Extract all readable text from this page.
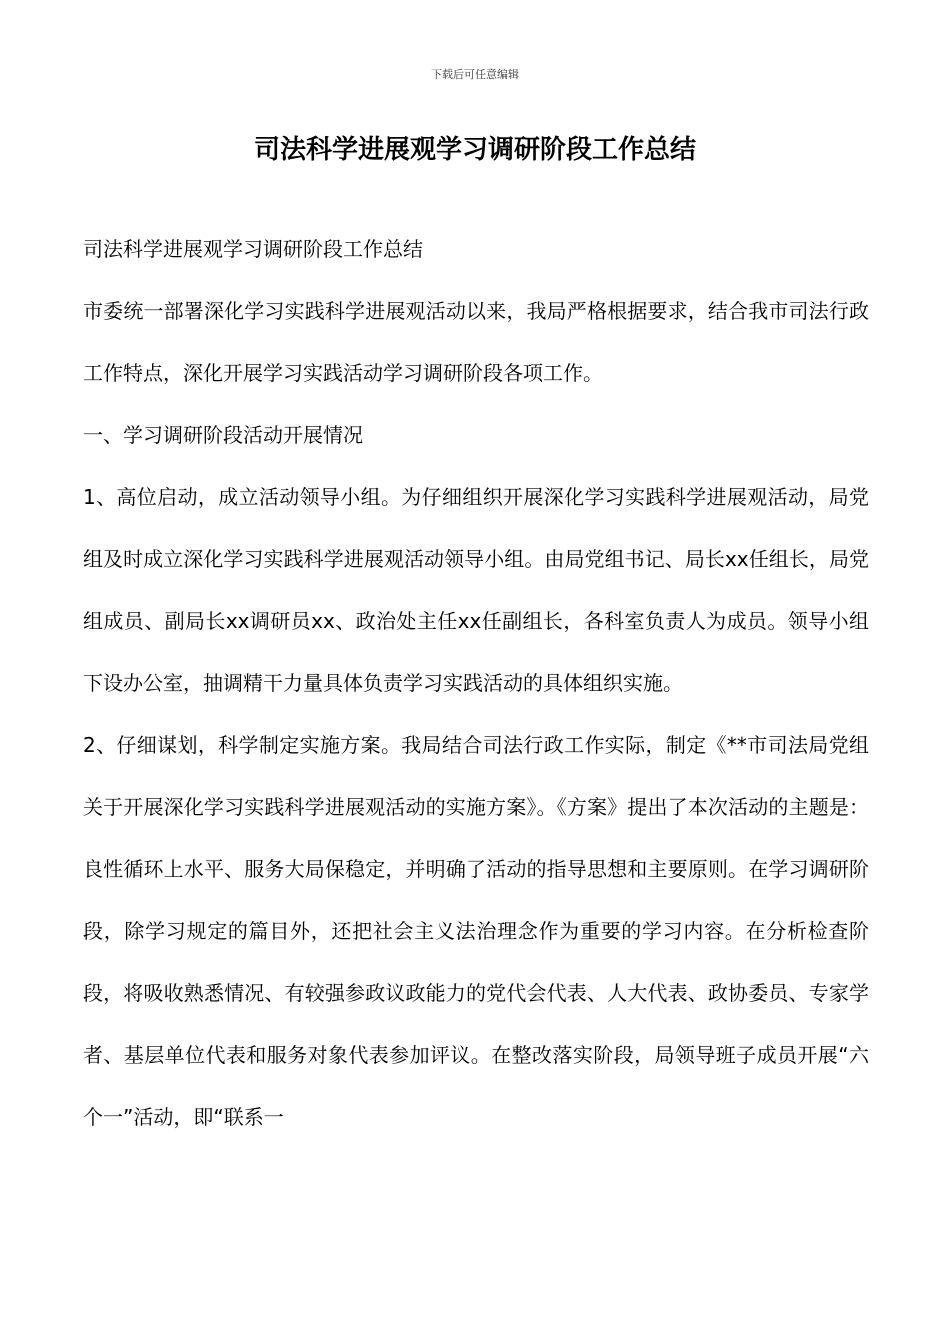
下载后可任意编辑
司法科学进展观学习调研阶段工作总结

司法科学进展观学习调研阶段工作总结

市委统一部署深化学习实践科学进展观活动以来，我局严格根据要求，结合我市司法行政工作特点，深化开展学习实践活动学习调研阶段各项工作。

一、学习调研阶段活动开展情况

1、高位启动，成立活动领导小组。为仔细组织开展深化学习实践科学进展观活动，局党组及时成立深化学习实践科学进展观活动领导小组。由局党组书记、局长xx任组长，局党组成员、副局长xx调研员xx、政治处主任xx任副组长，各科室负责人为成员。领导小组下设办公室，抽调精干力量具体负责学习实践活动的具体组织实施。

2、仔细谋划，科学制定实施方案。我局结合司法行政工作实际，制定《**市司法局党组关于开展深化学习实践科学进展观活动的实施方案》。《方案》提出了本次活动的主题是：良性循环上水平、服务大局保稳定，并明确了活动的指导思想和主要原则。在学习调研阶段，除学习规定的篇目外，还把社会主义法治理念作为重要的学习内容。在分析检查阶段，将吸收熟悉情况、有较强参政议政能力的党代会代表、人大代表、政协委员、专家学者、基层单位代表和服务对象代表参加评议。在整改落实阶段，局领导班子成员开展“六个一”活动，即“联系一
